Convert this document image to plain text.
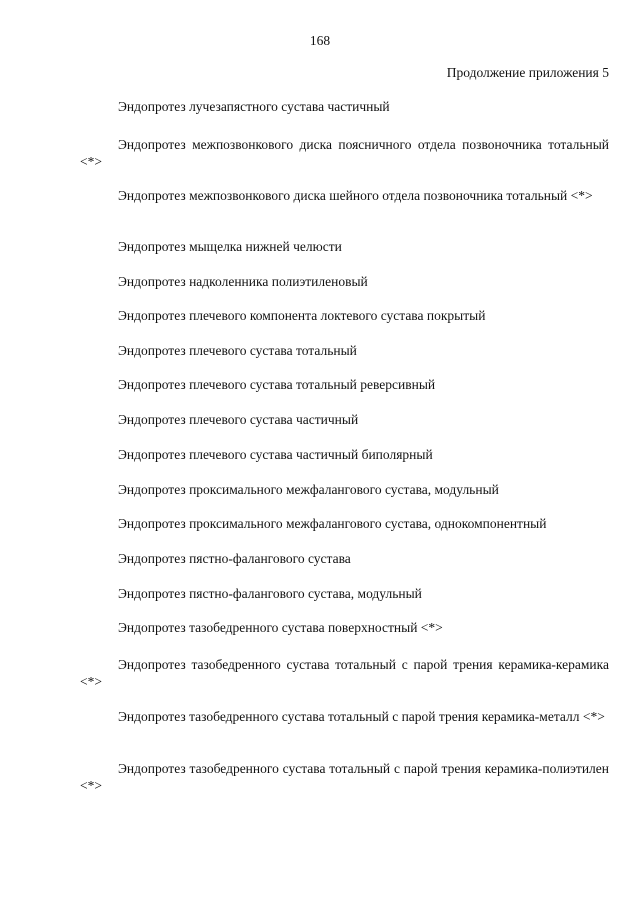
168
Продолжение приложения 5

Эндопротез лучезапястного сустава частичный

Эндопротез межпозвонкового диска поясничного отдела позвоночника тотальный <*>

Эндопротез межпозвонкового диска шейного отдела позвоночника тотальный <*>

Эндопротез мыщелка нижней челюсти

Эндопротез надколенника полиэтиленовый

Эндопротез плечевого компонента локтевого сустава покрытый

Эндопротез плечевого сустава тотальный

Эндопротез плечевого сустава тотальный реверсивный

Эндопротез плечевого сустава частичный

Эндопротез плечевого сустава частичный биполярный

Эндопротез проксимального межфалангового сустава, модульный

Эндопротез проксимального межфалангового сустава, однокомпонентный

Эндопротез пястно-фалангового сустава

Эндопротез пястно-фалангового сустава, модульный

Эндопротез тазобедренного сустава поверхностный <*>

Эндопротез тазобедренного сустава тотальный с парой трения керамика-керамика <*>

Эндопротез тазобедренного сустава тотальный с парой трения керамика-металл <*>

Эндопротез тазобедренного сустава тотальный с парой трения керамика-полиэтилен <*>
